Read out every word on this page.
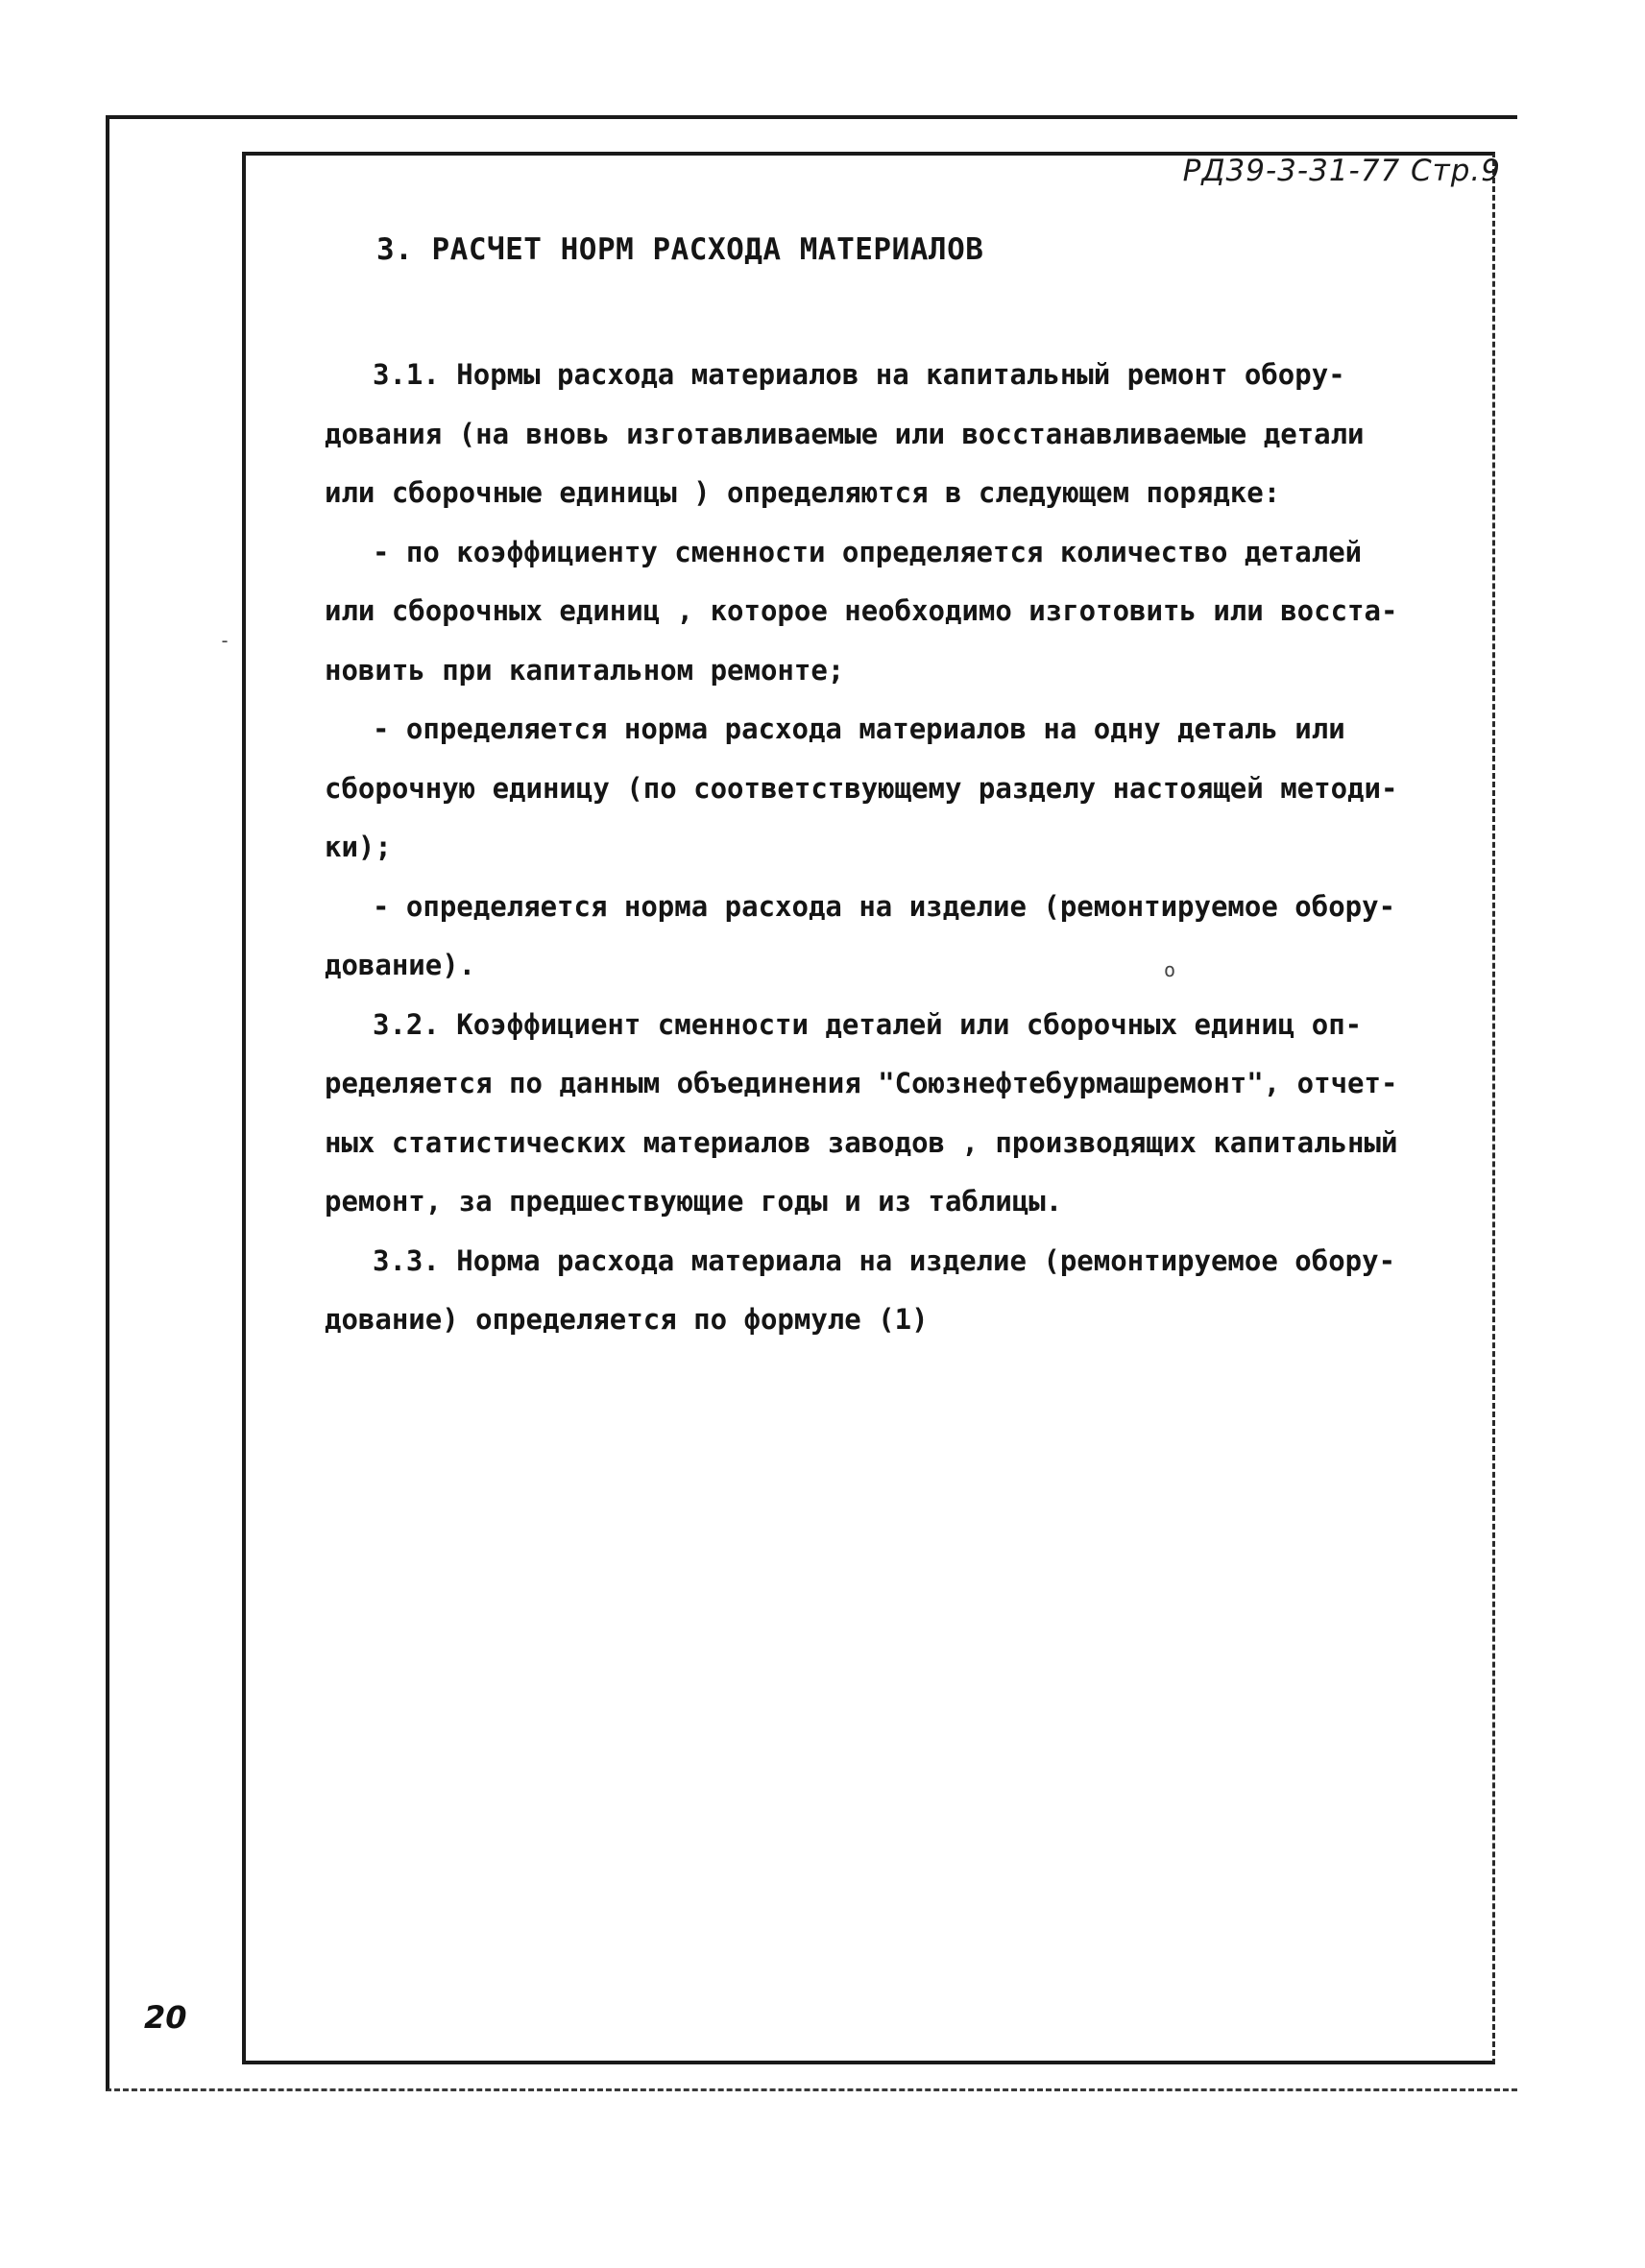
РД39-3-31-77 Стр.9
3. РАСЧЕТ НОРМ РАСХОДА МАТЕРИАЛОВ
3.1. Нормы расхода материалов на капитальный ремонт обору-
дования (на вновь изготавливаемые или восстанавливаемые детали
или сборочные единицы ) определяются в следующем порядке:
- по коэффициенту сменности определяется количество деталей
или сборочных единиц , которое необходимо изготовить или восста-
новить при капитальном ремонте;
- определяется норма расхода материалов на одну деталь или
сборочную единицу (по соответствующему разделу настоящей методи-
ки);
- определяется норма расхода на изделие (ремонтируемое обору-
дование).
3.2. Коэффициент сменности деталей или сборочных единиц оп-
ределяется по данным объединения "Союзнефтебурмашремонт", отчет-
ных статистических материалов заводов , производящих капитальный
ремонт, за предшествующие годы и из таблицы.
3.3. Норма расхода материала на изделие (ремонтируемое обору-
дование) определяется по формуле (1)
o
-
20
